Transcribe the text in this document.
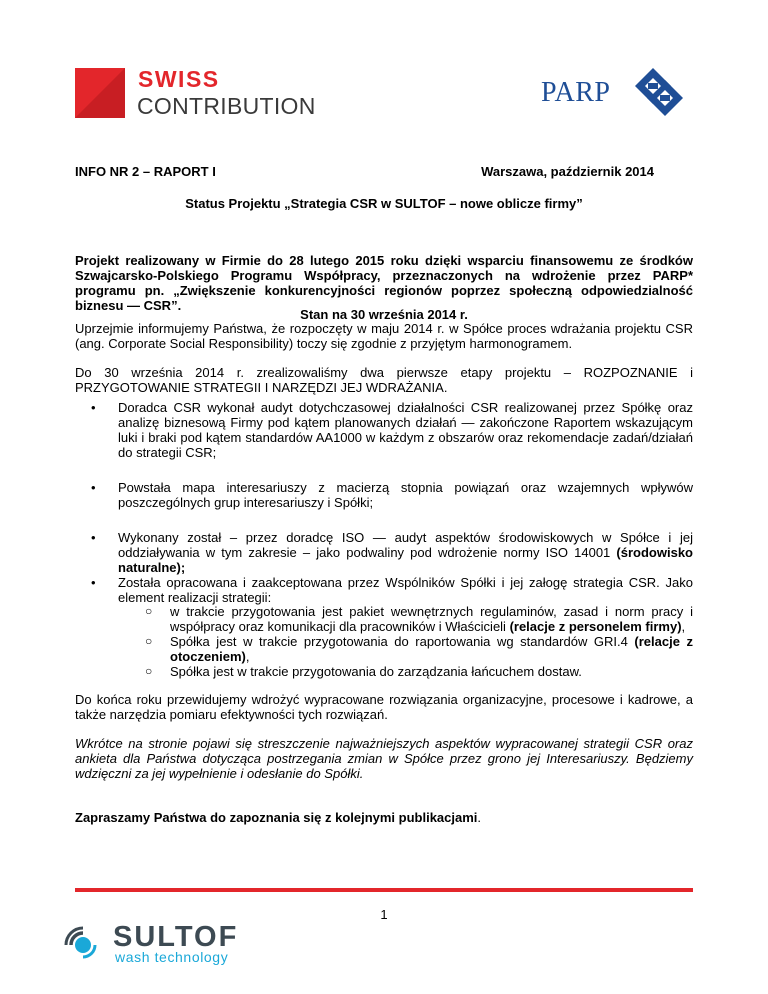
SWISS
CONTRIBUTION	PARP
INFO NR 2 – RAPORT I	Warszawa, październik 2014
Status Projektu „Strategia CSR w SULTOF – nowe oblicze firmy”
Projekt realizowany w Firmie do 28 lutego 2015 roku dzięki wsparciu finansowemu ze środków Szwajcarsko-Polskiego Programu Współpracy, przeznaczonych na wdrożenie przez PARP* programu pn. „Zwiększenie konkurencyjności regionów poprzez społeczną odpowiedzialność biznesu — CSR”.
Stan na 30 września 2014 r.
Uprzejmie informujemy Państwa, że rozpoczęty w maju 2014 r. w Spółce proces wdrażania projektu CSR (ang. Corporate Social Responsibility) toczy się zgodnie z przyjętym harmonogramem.
Do 30 września 2014 r. zrealizowaliśmy dwa pierwsze etapy projektu – ROZPOZNANIE i PRZYGOTOWANIE STRATEGII I NARZĘDZI JEJ WDRAŻANIA.
• Doradca CSR wykonał audyt dotychczasowej działalności CSR realizowanej przez Spółkę oraz analizę biznesową Firmy pod kątem planowanych działań — zakończone Raportem wskazującym luki i braki pod kątem standardów AA1000 w każdym z obszarów oraz rekomendacje zadań/działań do strategii CSR;
• Powstała mapa interesariuszy z macierzą stopnia powiązań oraz wzajemnych wpływów poszczególnych grup interesariuszy i Spółki;
• Wykonany został – przez doradcę ISO — audyt aspektów środowiskowych w Spółce i jej oddziaływania w tym zakresie – jako podwaliny pod wdrożenie normy ISO 14001 (środowisko naturalne);
• Została opracowana i zaakceptowana przez Wspólników Spółki i jej załogę strategia CSR. Jako element realizacji strategii:
○ w trakcie przygotowania jest pakiet wewnętrznych regulaminów, zasad i norm pracy i współpracy oraz komunikacji dla pracowników i Właścicieli (relacje z personelem firmy),
○ Spółka jest w trakcie przygotowania do raportowania wg standardów GRI.4 (relacje z otoczeniem),
○ Spółka jest w trakcie przygotowania do zarządzania łańcuchem dostaw.
Do końca roku przewidujemy wdrożyć wypracowane rozwiązania organizacyjne, procesowe i kadrowe, a także narzędzia pomiaru efektywności tych rozwiązań.
Wkrótce na stronie pojawi się streszczenie najważniejszych aspektów wypracowanej strategii CSR oraz ankieta dla Państwa dotycząca postrzegania zmian w Spółce przez grono jej Interesariuszy. Będziemy wdzięczni za jej wypełnienie i odesłanie do Spółki.
Zapraszamy Państwa do zapoznania się z kolejnymi publikacjami.
1
SULTOF
wash technology
